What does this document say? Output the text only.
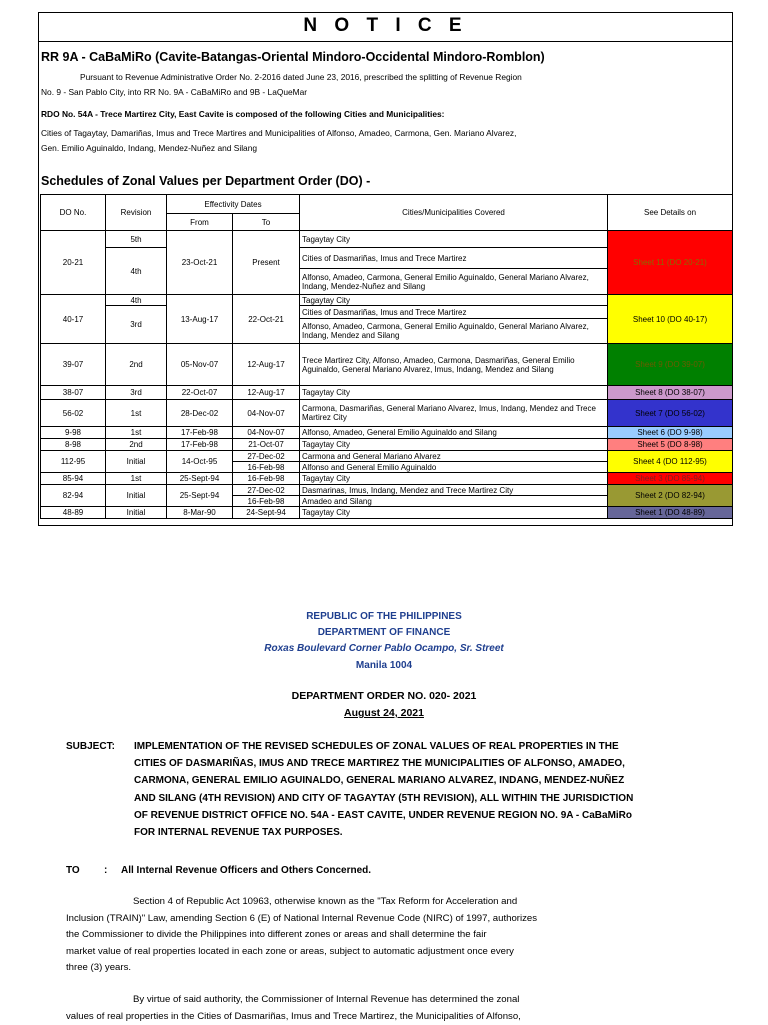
N O T I C E
RR 9A - CaBaMiRo (Cavite-Batangas-Oriental Mindoro-Occidental Mindoro-Romblon)
Pursuant to Revenue Administrative Order No. 2-2016 dated June 23, 2016, prescribed the splitting of Revenue Region
No. 9 - San Pablo City, into RR No. 9A - CaBaMiRo and 9B - LaQueMar
RDO No. 54A - Trece Martirez City, East Cavite is composed of the following Cities and Municipalities:
Cities of Tagaytay, Damariñas, Imus and Trece Martires and Municipalities of Alfonso, Amadeo, Carmona, Gen. Mariano Alvarez,
Gen. Emilio Aguinaldo, Indang, Mendez-Nuñez and Silang
Schedules of Zonal Values per Department Order (DO) -
DO No.	Revision	Effectivity Dates		Cities/Municipalities Covered	See Details on
		From	To		
20-21	5th	23-Oct-21	Present	Tagaytay City	Sheet 11 (DO 20-21)
	4th			Cities of Dasmariñas, Imus and Trece Martirez	
				Alfonso, Amadeo, Carmona, General Emilio Aguinaldo, General Mariano Alvarez, Indang, Mendez-Nuñez and Silang	
40-17	4th	13-Aug-17	22-Oct-21	Tagaytay City	Sheet 10 (DO 40-17)
	3rd			Cities of Dasmariñas, Imus and Trece Martirez	
				Alfonso, Amadeo, Carmona, General Emilio Aguinaldo, General Mariano Alvarez, Indang, Mendez and Silang	
39-07	2nd	05-Nov-07	12-Aug-17	Trece Martirez City, Alfonso, Amadeo, Carmona, Dasmariñas, General Emilio Aguinaldo, General Mariano Alvarez, Imus, Indang, Mendez and Silang	Sheet 9 (DO 39-07)
38-07	3rd	22-Oct-07	12-Aug-17	Tagaytay City	Sheet 8 (DO 38-07)
56-02	1st	28-Dec-02	04-Nov-07	Carmona, Dasmariñas, General Mariano Alvarez, Imus, Indang, Mendez and Trece Martirez City	Sheet 7 (DO 56-02)
9-98	1st	17-Feb-98	04-Nov-07	Alfonso, Amadeo, General Emilio Aguinaldo and Silang	Sheet 6 (DO 9-98)
8-98	2nd	17-Feb-98	21-Oct-07	Tagaytay City	Sheet 5 (DO 8-98)
112-95	Initial	14-Oct-95	27-Dec-02	Carmona and General Mariano Alvarez	Sheet 4 (DO 112-95)
			16-Feb-98	Alfonso and General Emilio Aguinaldo	
85-94	1st	25-Sept-94	16-Feb-98	Tagaytay City	Sheet 3 (DO 85-94)
82-94	Initial	25-Sept-94	27-Dec-02	Dasmarinas, Imus, Indang, Mendez and Trece Martirez City	Sheet 2 (DO 82-94)
			16-Feb-98	Amadeo and Silang	
48-89	Initial	8-Mar-90	24-Sept-94	Tagaytay City	Sheet 1 (DO 48-89)
REPUBLIC OF THE PHILIPPINES
DEPARTMENT OF FINANCE
Roxas Boulevard Corner Pablo Ocampo, Sr. Street
Manila 1004
DEPARTMENT ORDER NO. 020- 2021
August 24, 2021
SUBJECT: IMPLEMENTATION OF THE REVISED SCHEDULES OF ZONAL VALUES OF REAL PROPERTIES IN THE
CITIES OF DASMARIÑAS, IMUS AND TRECE MARTIREZ THE MUNICIPALITIES OF ALFONSO, AMADEO,
CARMONA, GENERAL EMILIO AGUINALDO, GENERAL MARIANO ALVAREZ, INDANG, MENDEZ-NUÑEZ
AND SILANG (4TH REVISION) AND CITY OF TAGAYTAY (5TH REVISION), ALL WITHIN THE JURISDICTION
OF REVENUE DISTRICT OFFICE NO. 54A - EAST CAVITE, UNDER REVENUE REGION NO. 9A - CaBaMiRo
FOR INTERNAL REVENUE TAX PURPOSES.
TO : All Internal Revenue Officers and Others Concerned.
Section 4 of Republic Act 10963, otherwise known as the "Tax Reform for Acceleration and
Inclusion (TRAIN)" Law, amending Section 6 (E) of National Internal Revenue Code (NIRC) of 1997, authorizes
the Commissioner to divide the Philippines into different zones or areas and shall determine the fair
market value of real properties located in each zone or areas, subject to automatic adjustment once every
three (3) years.
By virtue of said authority, the Commissioner of Internal Revenue has determined the zonal
values of real properties in the Cities of Dasmariñas, Imus and Trece Martirez, the Municipalities of Alfonso,
